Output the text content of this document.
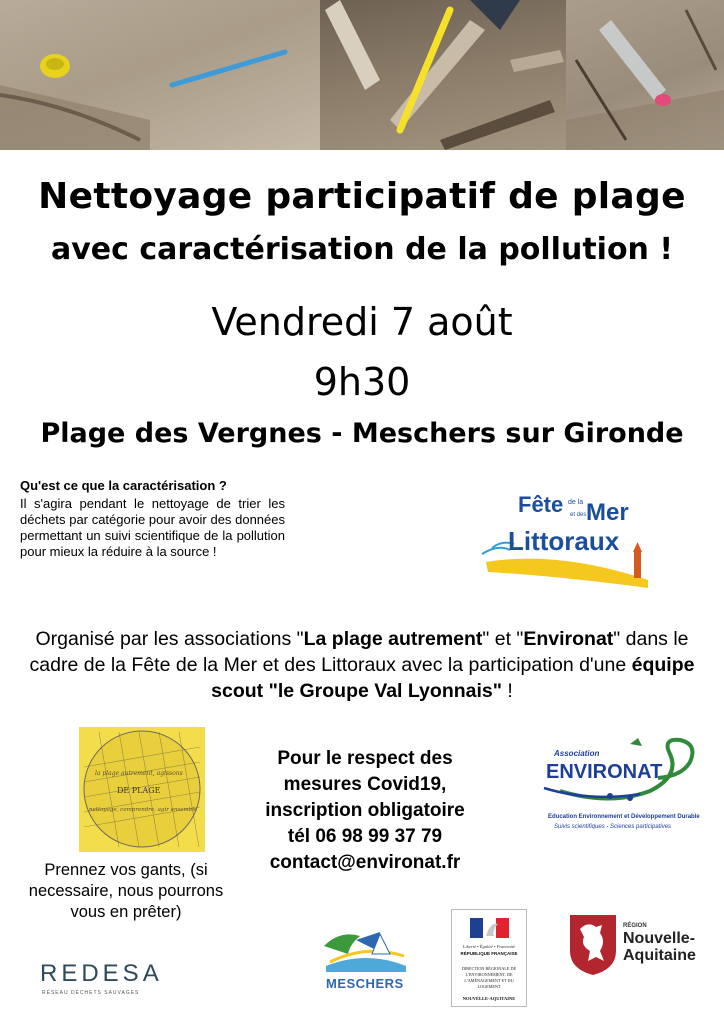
Nettoyage participatif de plage
avec caractérisation de la pollution !
Vendredi 7 août
9h30
Plage des Vergnes - Meschers sur Gironde
Qu'est ce que la caractérisation ?
Il s'agira pendant le nettoyage de trier les déchets par catégorie pour avoir des données permettant un suivi scientifique de la pollution pour mieux la réduire à la source !
Fête de la Mer
et des
Littoraux
Organisé par les associations "La plage autrement" et "Environat" dans le cadre de la Fête de la Mer et des Littoraux avec la participation d'une équipe scout "le Groupe Val Lyonnais" !
la plage autrement, agissons
DE PLAGE
nettoyage, comprendre, agir ensemble
Prennez vos gants, (si necessaire, nous pourrons vous en prêter)
Pour le respect des
mesures Covid19,
inscription obligatoire
tél 06 98 99 37 79
contact@environat.fr
Association
ENVIRONAT
Education Environnement et Développement Durable
Suivis scientifiques - Sciences participatives
REDESA
RÉSEAU DÉCHETS SAUVAGES
MESCHERS
Liberté • Égalité • Fraternité
RÉPUBLIQUE FRANÇAISE
DIRECTION RÉGIONALE DE L'ENVIRONNEMENT, DE L'AMÉNAGEMENT ET DU LOGEMENT
NOUVELLE-AQUITAINE
RÉGION
Nouvelle-
Aquitaine
